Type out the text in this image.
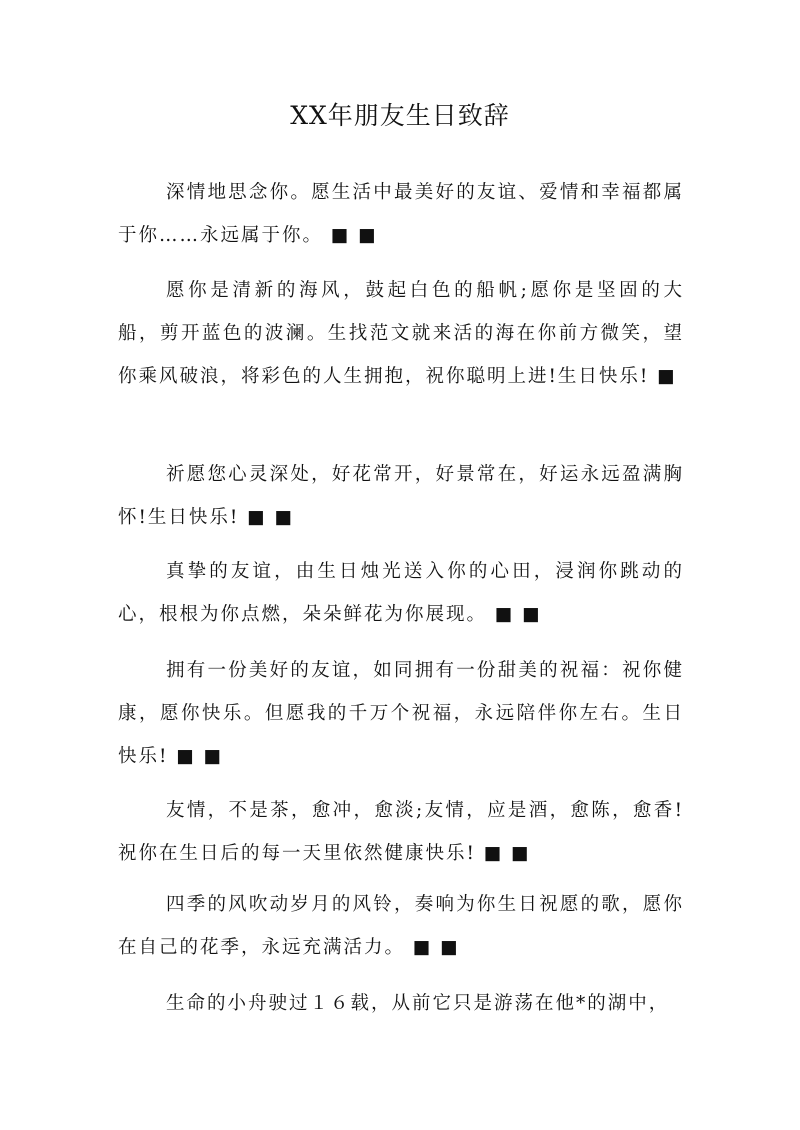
XX年朋友生日致辞

深情地思念你。愿生活中最美好的友谊、爱情和幸福都属于你……永远属于你。 ■ ■

愿你是清新的海风，鼓起白色的船帆;愿你是坚固的大船，剪开蓝色的波澜。生找范文就来活的海在你前方微笑，望你乘风破浪，将彩色的人生拥抱，祝你聪明上进!生日快乐! ■

祈愿您心灵深处，好花常开，好景常在，好运永远盈满胸怀!生日快乐! ■ ■

真挚的友谊，由生日烛光送入你的心田，浸润你跳动的心，根根为你点燃，朵朵鲜花为你展现。 ■ ■

拥有一份美好的友谊，如同拥有一份甜美的祝福：祝你健康，愿你快乐。但愿我的千万个祝福，永远陪伴你左右。生日快乐! ■ ■

友情，不是茶，愈冲，愈淡;友情，应是酒，愈陈，愈香!祝你在生日后的每一天里依然健康快乐! ■ ■

四季的风吹动岁月的风铃，奏响为你生日祝愿的歌，愿你在自己的花季，永远充满活力。 ■ ■

生命的小舟驶过１６载，从前它只是游荡在他*的湖中，
